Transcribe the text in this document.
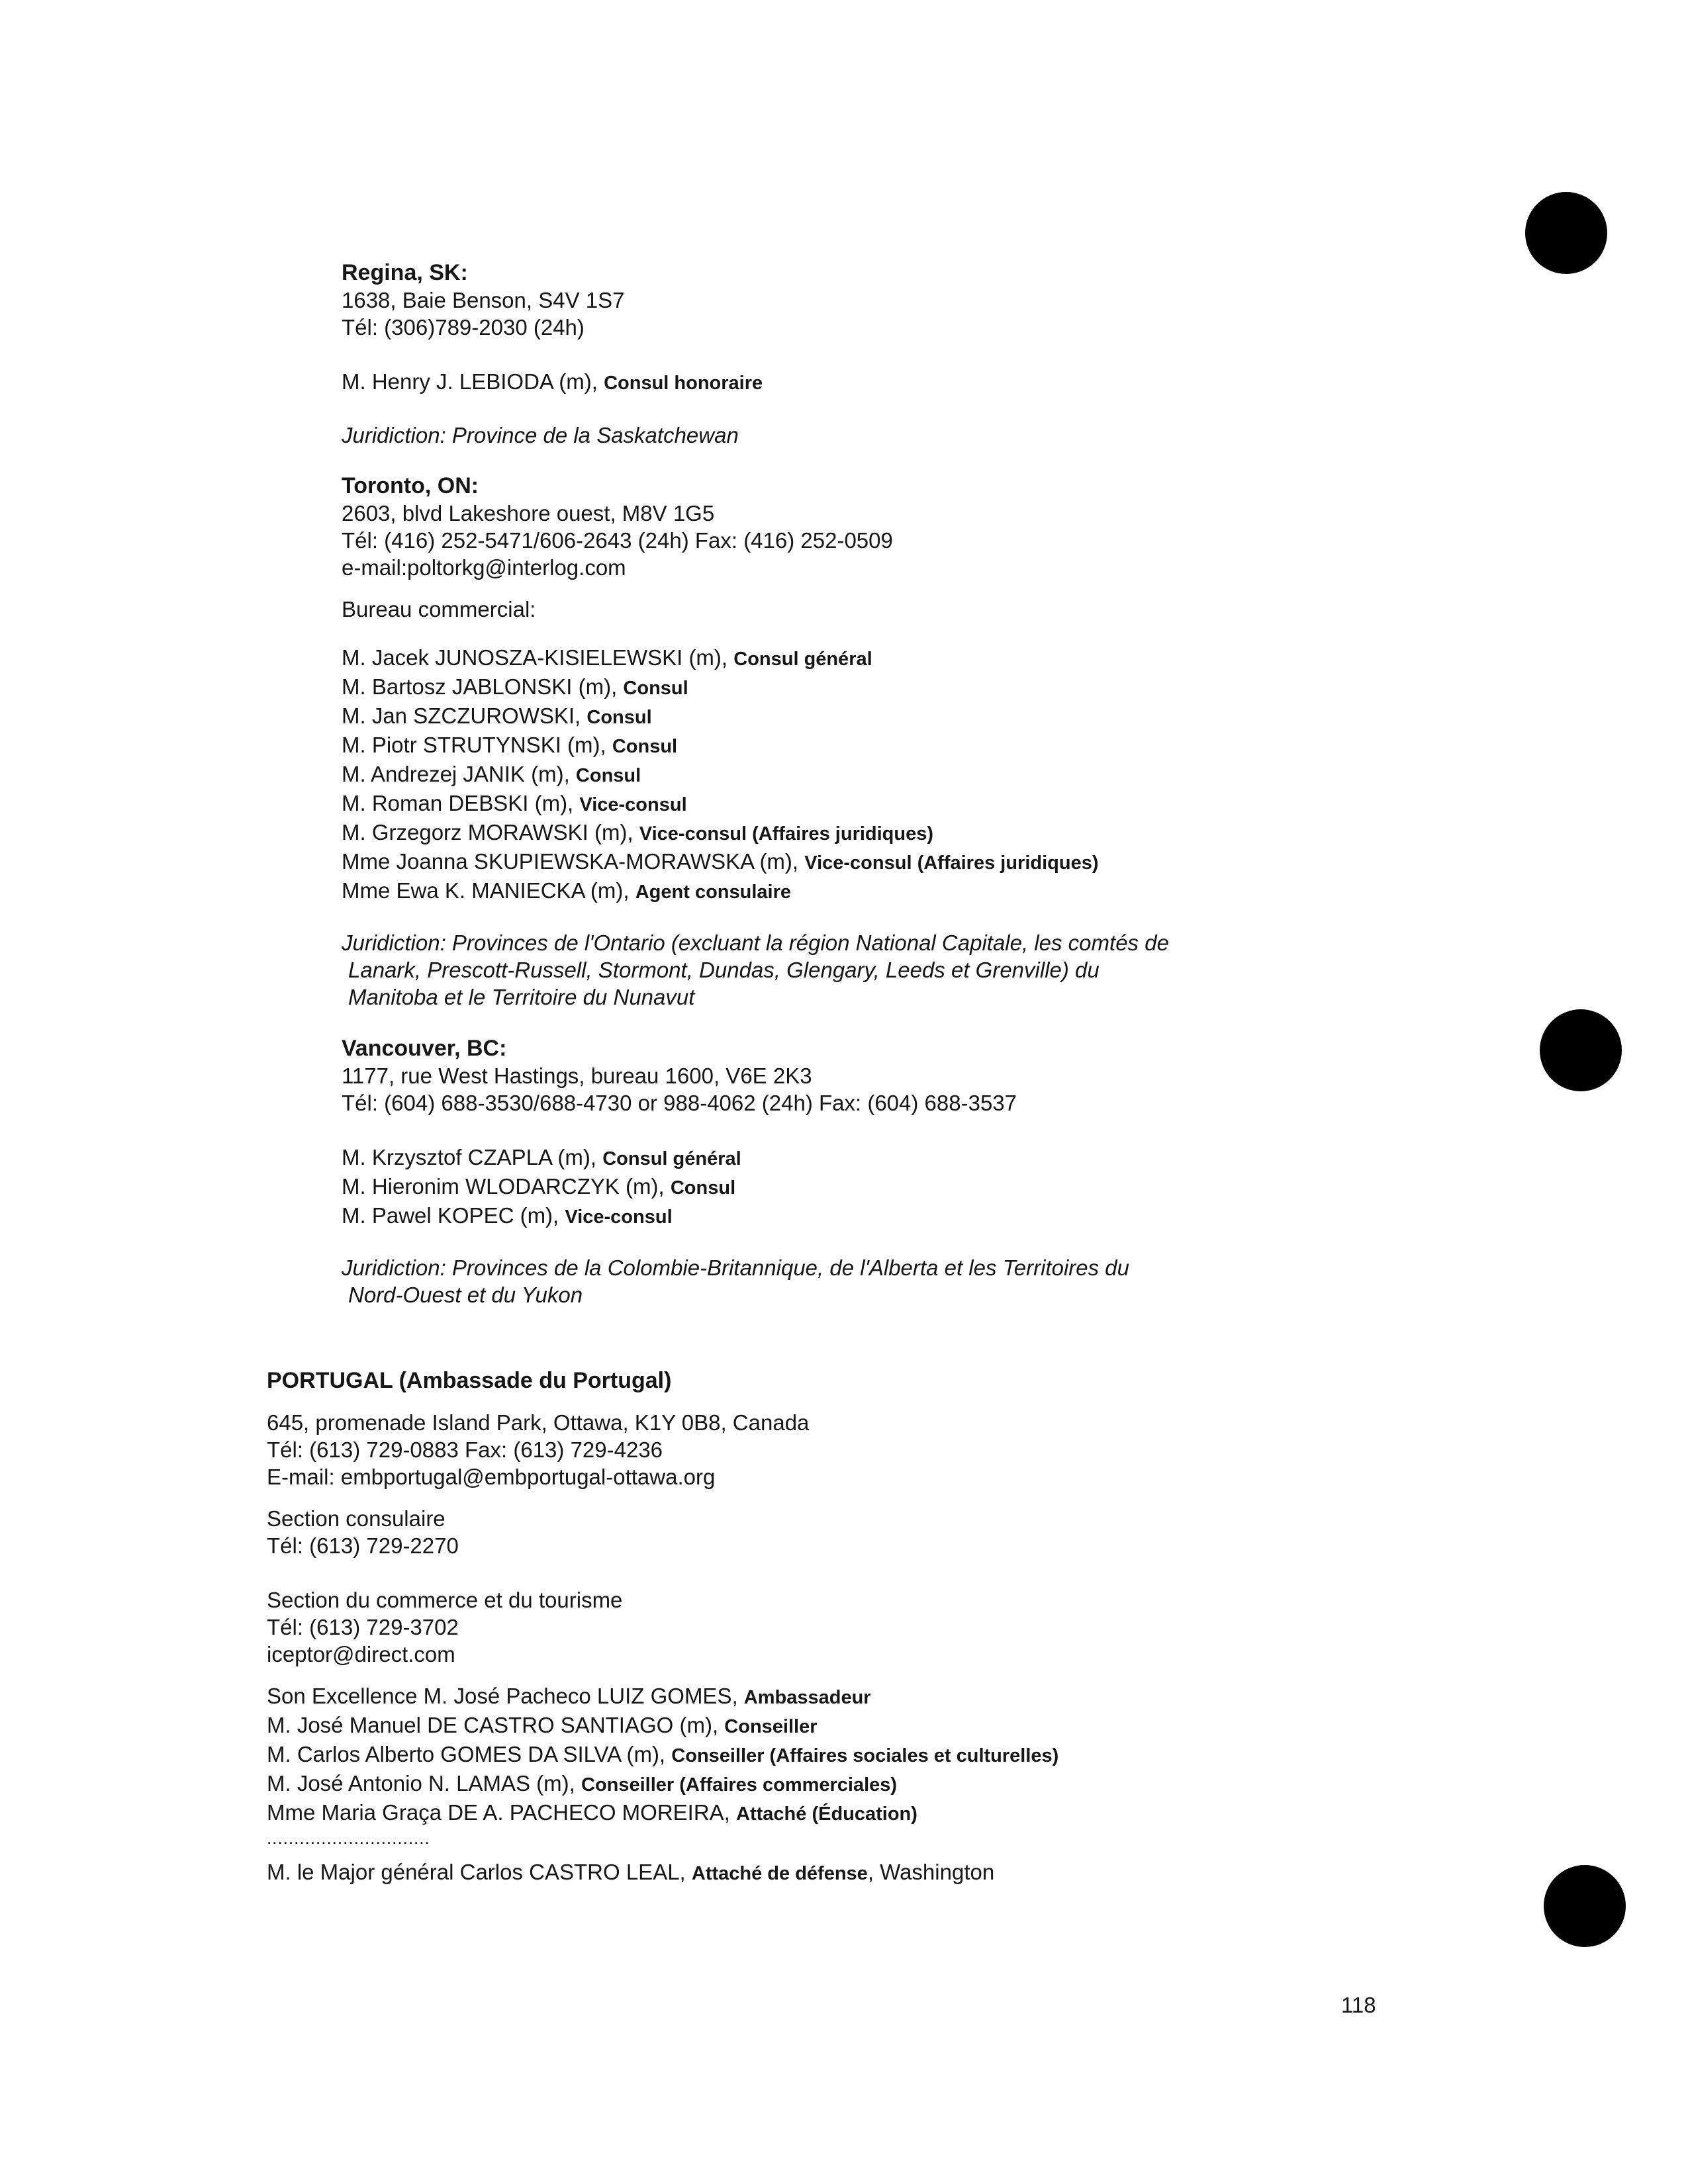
Regina, SK:
1638, Baie Benson, S4V 1S7
Tél: (306)789-2030 (24h)
M. Henry J. LEBIODA (m), Consul honoraire
Juridiction: Province de la Saskatchewan
Toronto, ON:
2603, blvd Lakeshore ouest, M8V 1G5
Tél: (416) 252-5471/606-2643 (24h) Fax: (416) 252-0509
e-mail:poltorkg@interlog.com
Bureau commercial:
M. Jacek JUNOSZA-KISIELEWSKI (m), Consul général
M. Bartosz JABLONSKI (m), Consul
M. Jan SZCZUROWSKI, Consul
M. Piotr STRUTYNSKI (m), Consul
M. Andrezej JANIK (m), Consul
M. Roman DEBSKI (m), Vice-consul
M. Grzegorz MORAWSKI (m), Vice-consul (Affaires juridiques)
Mme Joanna SKUPIEWSKA-MORAWSKA (m), Vice-consul (Affaires juridiques)
Mme Ewa K. MANIECKA (m), Agent consulaire
Juridiction: Provinces de l'Ontario (excluant la région National Capitale, les comtés de
Lanark, Prescott-Russell, Stormont, Dundas, Glengary, Leeds et Grenville) du
Manitoba et le Territoire du Nunavut
Vancouver, BC:
1177, rue West Hastings, bureau 1600, V6E 2K3
Tél: (604) 688-3530/688-4730 or 988-4062 (24h) Fax: (604) 688-3537
M. Krzysztof CZAPLA (m), Consul général
M. Hieronim WLODARCZYK (m), Consul
M. Pawel KOPEC (m), Vice-consul
Juridiction: Provinces de la Colombie-Britannique, de l'Alberta et les Territoires du
Nord-Ouest et du Yukon
PORTUGAL (Ambassade du Portugal)
645, promenade Island Park, Ottawa, K1Y 0B8, Canada
Tél: (613) 729-0883 Fax: (613) 729-4236
E-mail: embportugal@embportugal-ottawa.org
Section consulaire
Tél: (613) 729-2270
Section du commerce et du tourisme
Tél: (613) 729-3702
iceptor@direct.com
Son Excellence M. José Pacheco LUIZ GOMES, Ambassadeur
M. José Manuel DE CASTRO SANTIAGO (m), Conseiller
M. Carlos Alberto GOMES DA SILVA (m), Conseiller (Affaires sociales et culturelles)
M. José Antonio N. LAMAS (m), Conseiller (Affaires commerciales)
Mme Maria Graça DE A. PACHECO MOREIRA, Attaché (Éducation)
..............................
M. le Major général Carlos CASTRO LEAL, Attaché de défense, Washington
118
